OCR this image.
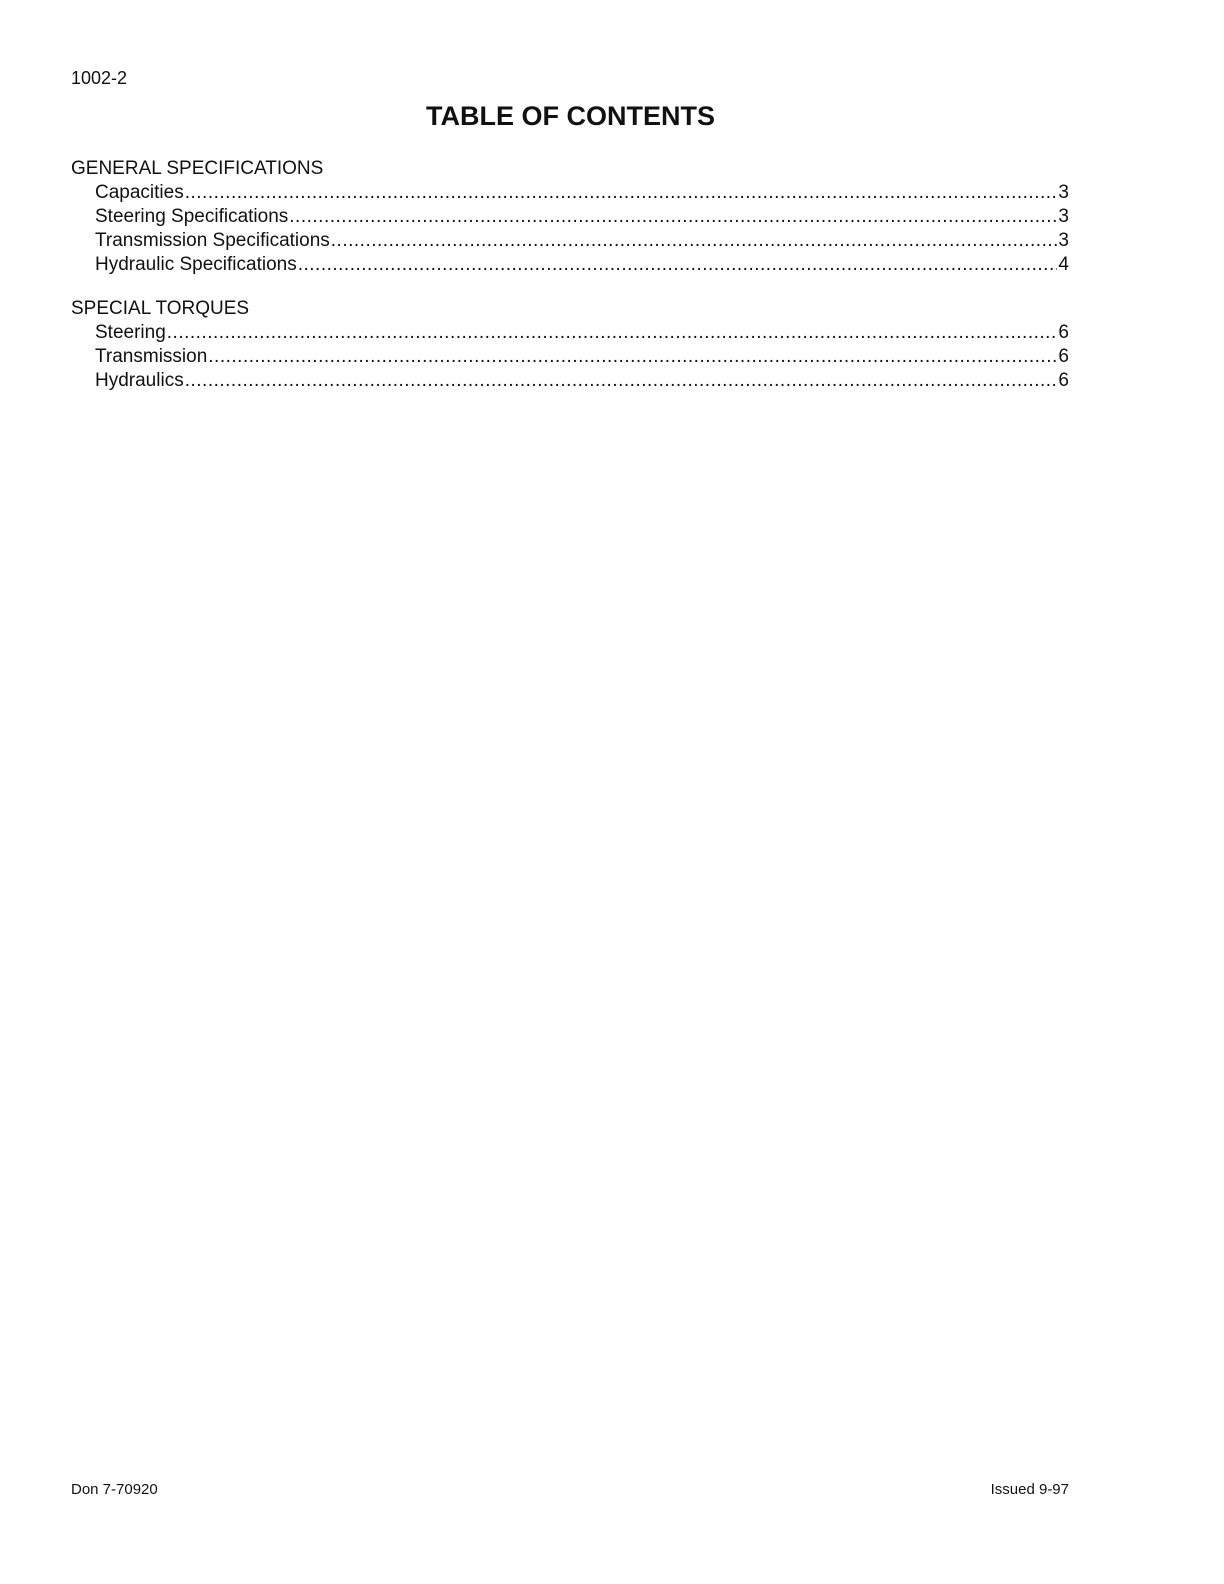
1002-2
TABLE OF CONTENTS
GENERAL SPECIFICATIONS
Capacities .....	3
Steering Specifications .....	3
Transmission Specifications .....	3
Hydraulic Specifications .....	4
SPECIAL TORQUES
Steering .....	6
Transmission .....	6
Hydraulics .....	6
Don 7-70920	Issued 9-97
